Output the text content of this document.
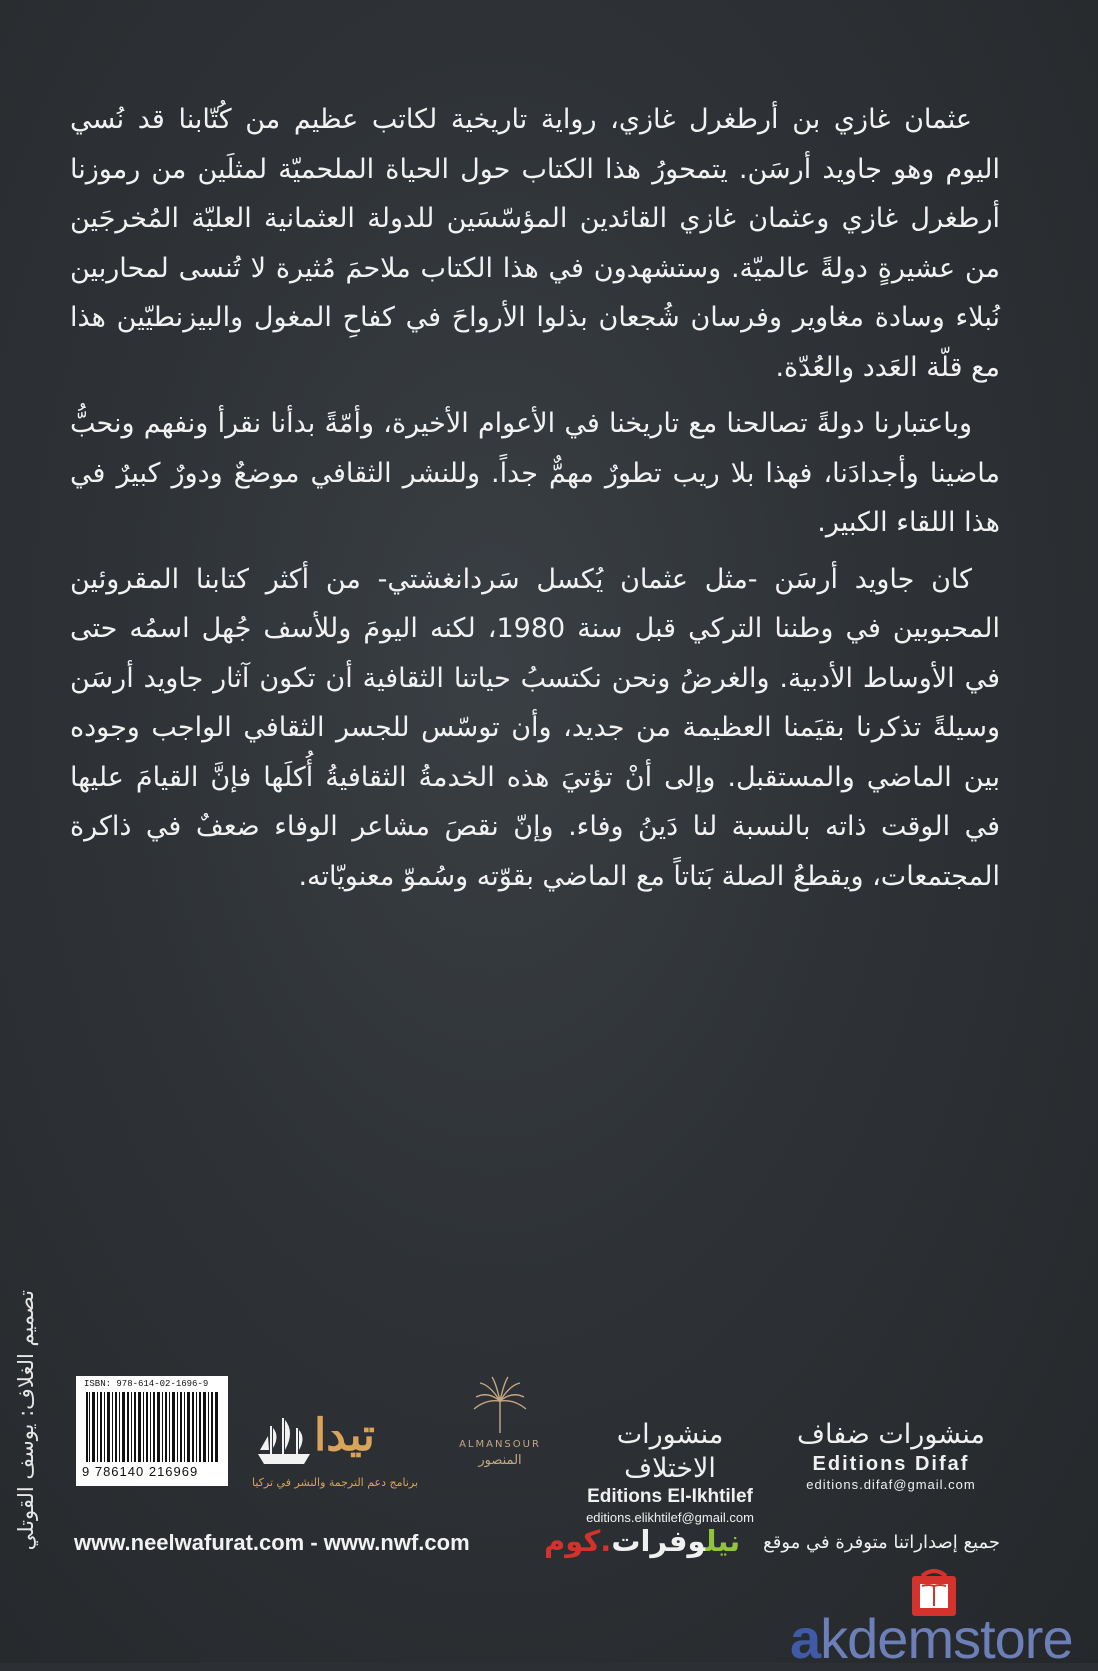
عثمان غازي بن أرطغرل غازي، رواية تاريخية لكاتب عظيم من كُتّابنا قد نُسي اليوم وهو جاويد أرسَن. يتمحورُ هذا الكتاب حول الحياة الملحميّة لمثلَين من رموزنا أرطغرل غازي وعثمان غازي القائدين المؤسّسَين للدولة العثمانية العليّة المُخرجَين من عشيرةٍ دولةً عالميّة. وستشهدون في هذا الكتاب ملاحمَ مُثيرة لا تُنسى لمحاربين نُبلاء وسادة مغاوير وفرسان شُجعان بذلوا الأرواحَ في كفاحِ المغول والبيزنطيّين هذا مع قلّة العَدد والعُدّة.

وباعتبارنا دولةً تصالحنا مع تاريخنا في الأعوام الأخيرة، وأمّةً بدأنا نقرأ ونفهم ونحبُّ ماضينا وأجدادَنا، فهذا بلا ريب تطورٌ مهمٌّ جداً. وللنشر الثقافي موضعٌ ودورٌ كبيرٌ في هذا اللقاء الكبير.

كان جاويد أرسَن -مثل عثمان يُكسل سَردانغشتي- من أكثر كتابنا المقروئين المحبوبين في وطننا التركي قبل سنة 1980، لكنه اليومَ وللأسف جُهل اسمُه حتى في الأوساط الأدبية. والغرضُ ونحن نكتسبُ حياتنا الثقافية أن تكون آثار جاويد أرسَن وسيلةً تذكرنا بقيَمنا العظيمة من جديد، وأن توسّس للجسر الثقافي الواجب وجوده بين الماضي والمستقبل. وإلى أنْ تؤتيَ هذه الخدمةُ الثقافيةُ أُكلَها فإنَّ القيامَ عليها في الوقت ذاته بالنسبة لنا دَينُ وفاء. وإنّ نقصَ مشاعر الوفاء ضعفٌ في ذاكرة المجتمعات، ويقطعُ الصلة بَتاتاً مع الماضي بقوّته وسُموّ معنويّاته.

تصميم الغلاف: يوسف القوتلي	ISBN: 978-614-02-1696-9
9 786140 216969
تيدا
برنامج دعم الترجمة والنشر في تركيا
ALMANSOUR
المنصور
منشورات الاختلاف
Editions El-Ikhtilef
editions.elikhtilef@gmail.com
منشورات ضفاف
Editions Difaf
editions.difaf@gmail.com
www.neelwafurat.com - www.nwf.com	نيلوفرات.كوم	جميع إصداراتنا متوفرة في موقع
akdemstore
